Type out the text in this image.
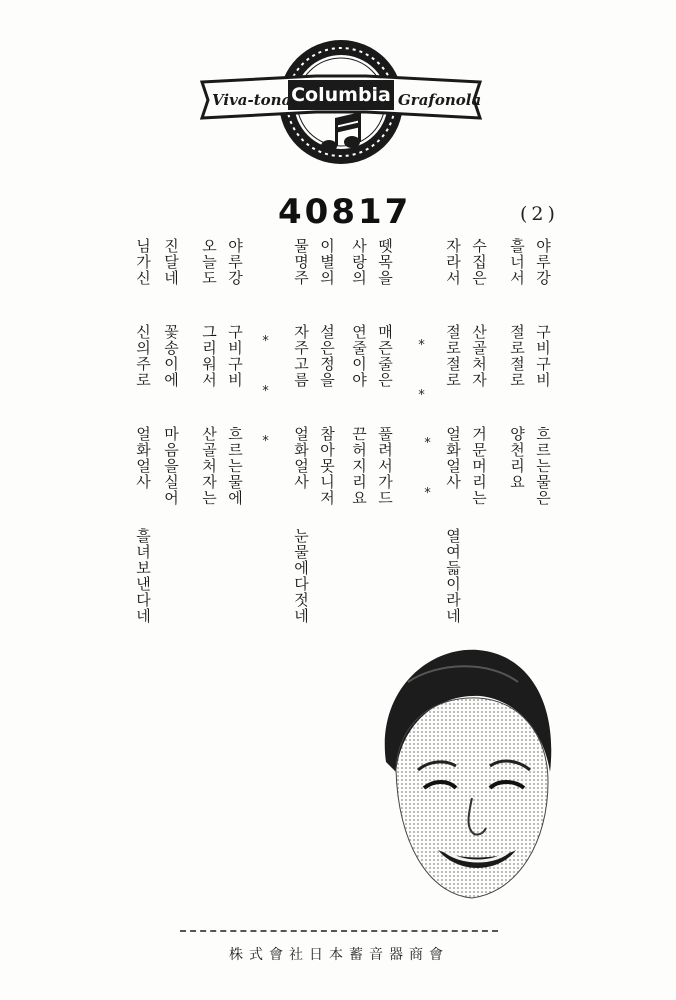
Viva-tonal
Columbia Grafonola
40817	(2)
야루강  구비구비  흐르는물은
흘너서  절로절로  양천리요
수집은  산골처자  거문머리는
자라서  절로절로  얼화얼사  열여듧이라네
뗏목을  매즌줄은  풀려서가드
사랑의  연줄이야  끈허지리요
이별의  설은정을  참아못니저
물명주  자주고름  얼화얼사  눈물에다젓네
야루강  구비구비  흐르는물에
오늘도  그리워서  산골처자는
진달네  꽃송이에  마음을실어
님가신  신의주로  얼화얼사  흘녀보낸다네	* *
* *
* * *
株式會社日本蓄音器商會
